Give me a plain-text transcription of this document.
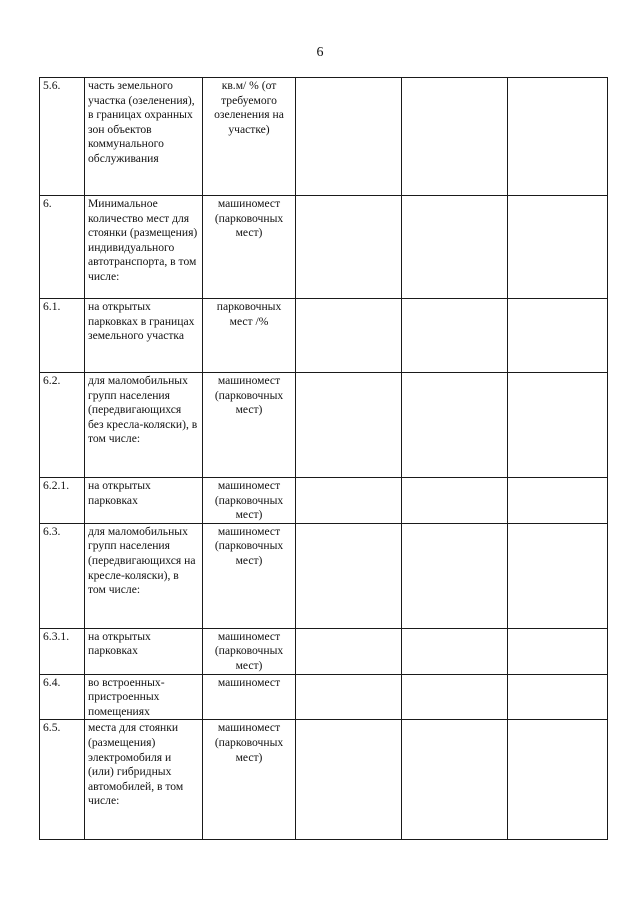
6
5.6.	часть земельного участка (озеленения), в границах охранных зон объектов коммунального обслуживания	кв.м/ % (от требуемого озеленения на участке)			
6.	Минимальное количество мест для стоянки (размещения) индивидуального автотранспорта, в том числе:	машиномест (парковочных мест)			
6.1.	на открытых парковках в границах земельного участка	парковочных мест /%			
6.2.	для маломобильных групп населения (передвигающихся без кресла-коляски), в том числе:	машиномест (парковочных мест)			
6.2.1.	на открытых парковках	машиномест (парковочных мест)			
6.3.	для маломобильных групп населения (передвигающихся на кресле-коляски), в том числе:	машиномест (парковочных мест)			
6.3.1.	на открытых парковках	машиномест (парковочных мест)			
6.4.	во встроенных-пристроенных помещениях	машиномест			
6.5.	места для стоянки (размещения) электромобиля и (или) гибридных автомобилей, в том числе:	машиномест (парковочных мест)			
